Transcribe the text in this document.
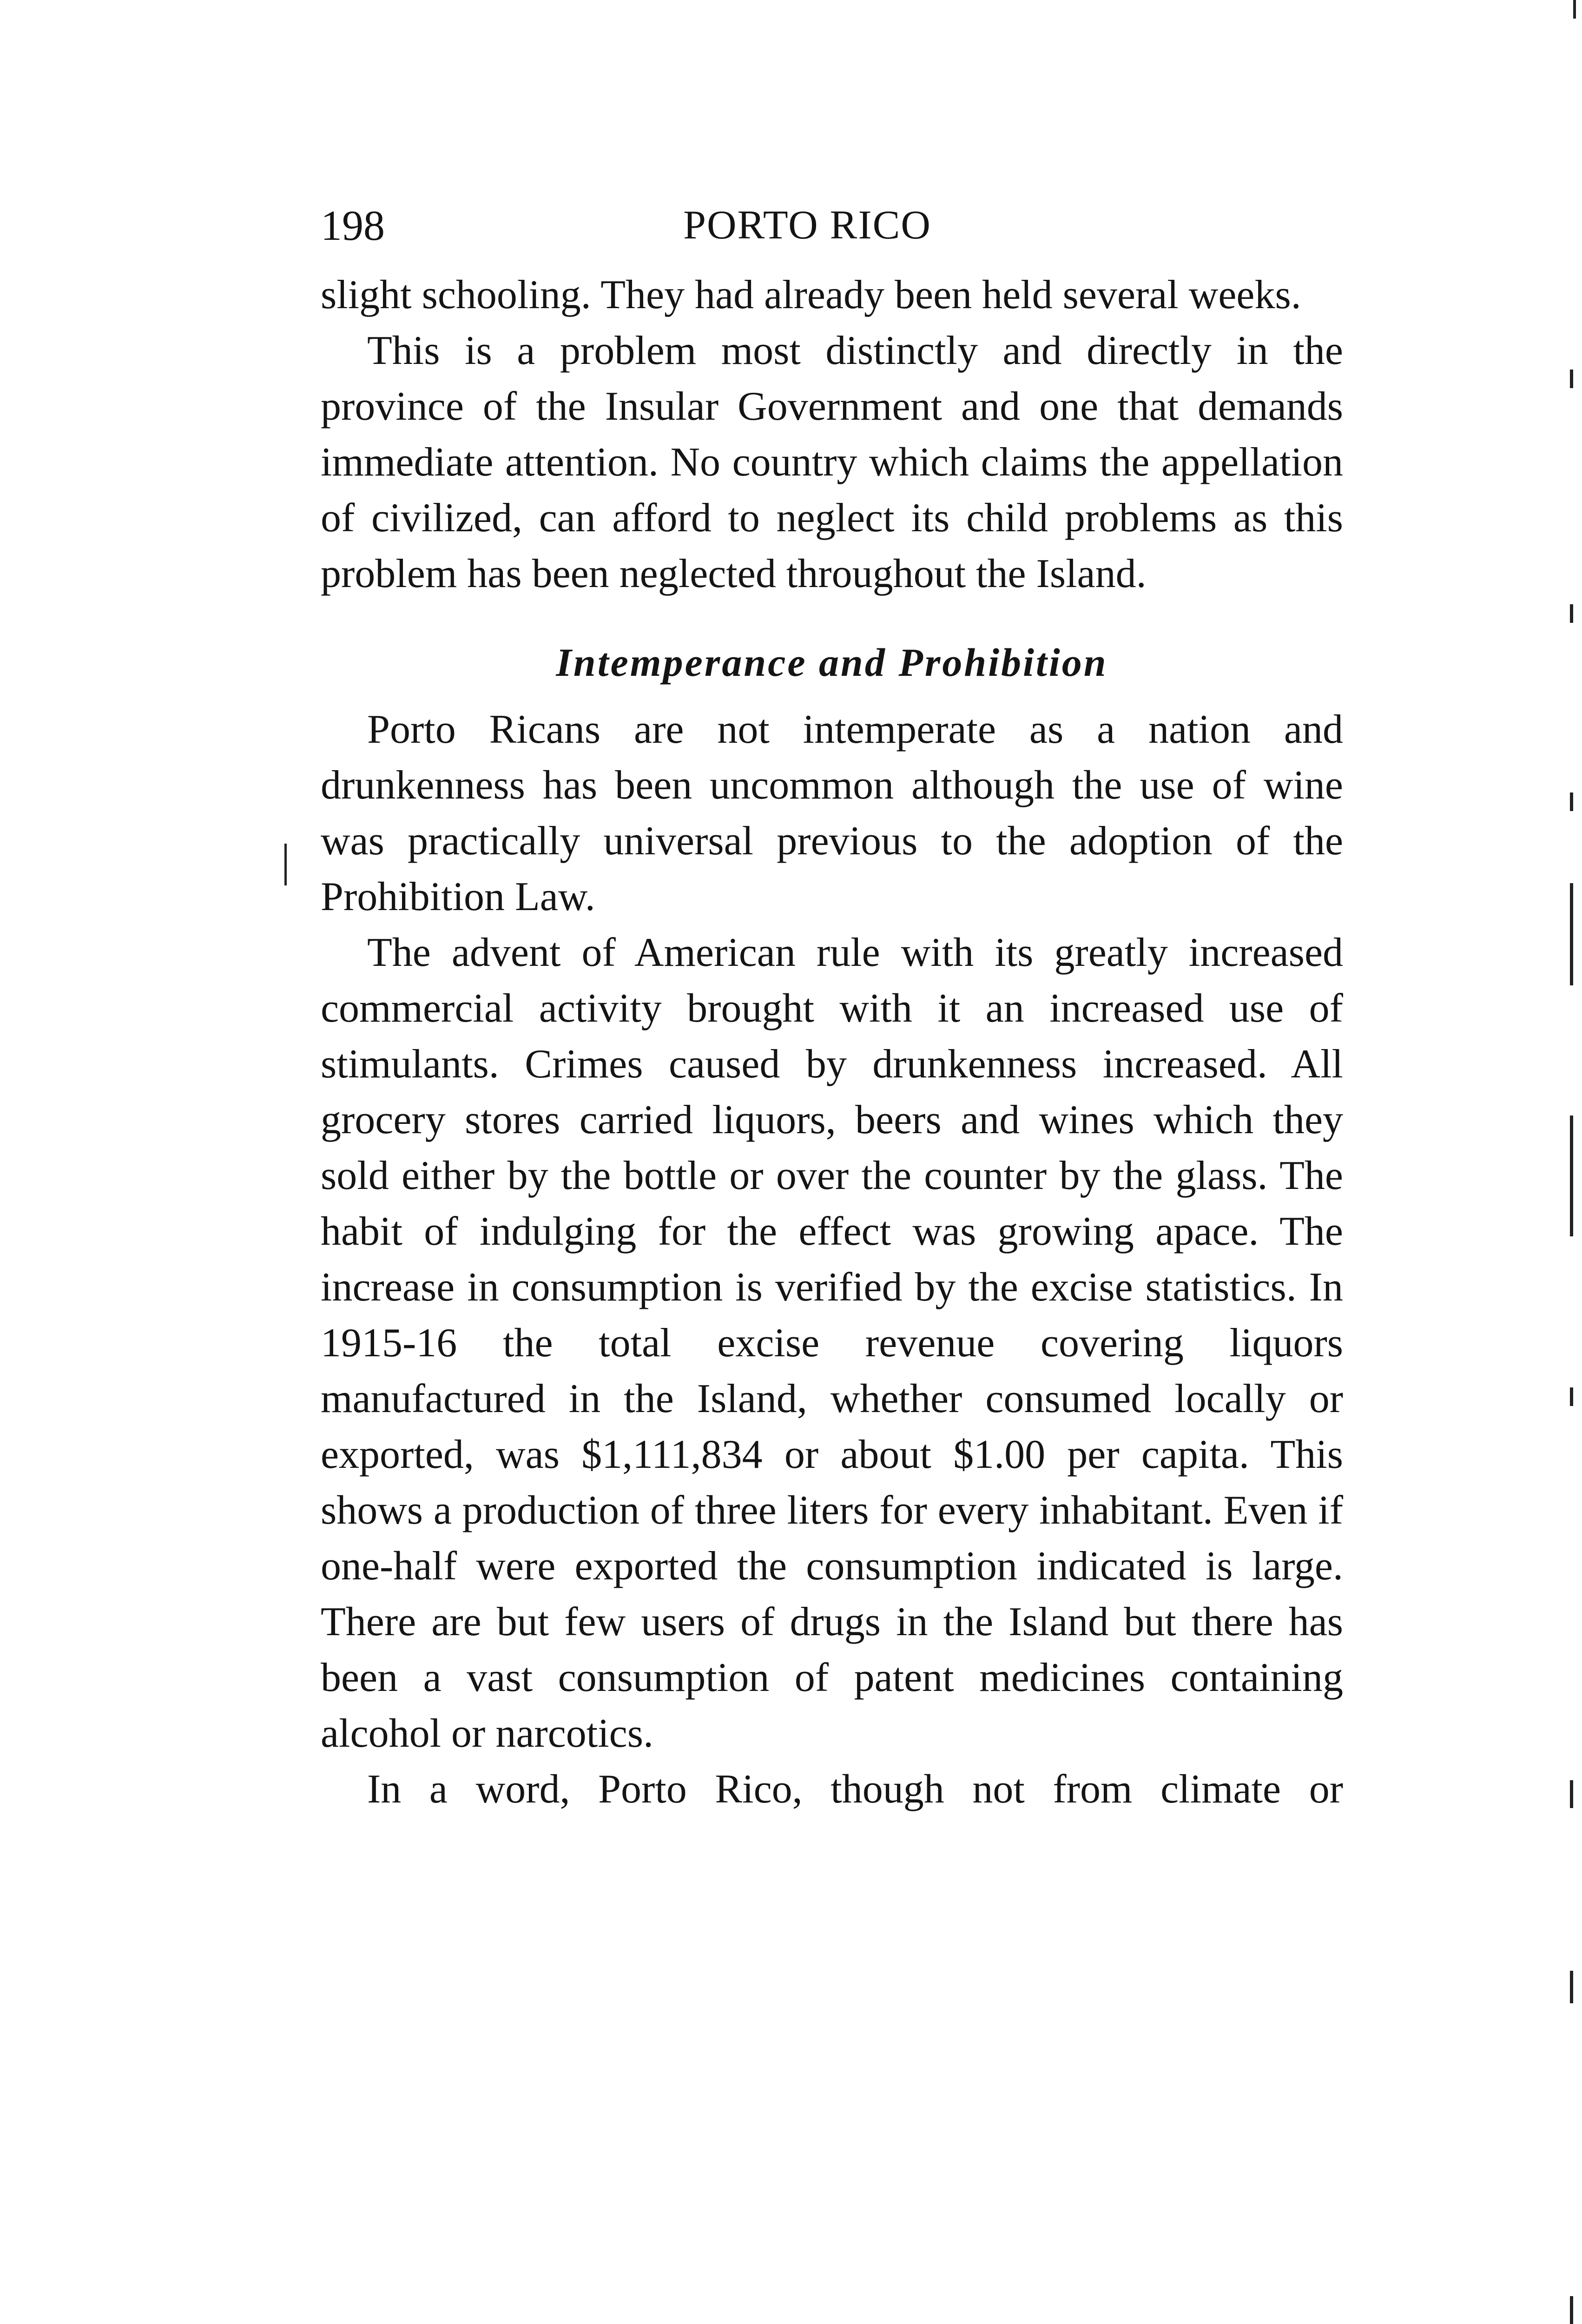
198	PORTO RICO

slight schooling. They had already been held several weeks.

This is a problem most distinctly and directly in the province of the Insular Government and one that demands immediate attention. No country which claims the appellation of civilized, can afford to neglect its child problems as this problem has been neglected throughout the Island.

Intemperance and Prohibition

Porto Ricans are not intemperate as a nation and drunkenness has been uncommon although the use of wine was practically universal previous to the adoption of the Prohibition Law.

The advent of American rule with its greatly increased commercial activity brought with it an increased use of stimulants. Crimes caused by drunkenness increased. All grocery stores carried liquors, beers and wines which they sold either by the bottle or over the counter by the glass. The habit of indulging for the effect was growing apace. The increase in consumption is verified by the excise statistics. In 1915-16 the total excise revenue covering liquors manufactured in the Island, whether consumed locally or exported, was $1,111,834 or about $1.00 per capita. This shows a production of three liters for every inhabitant. Even if one-half were exported the consumption indicated is large. There are but few users of drugs in the Island but there has been a vast consumption of patent medicines containing alcohol or narcotics.

In a word, Porto Rico, though not from climate or
